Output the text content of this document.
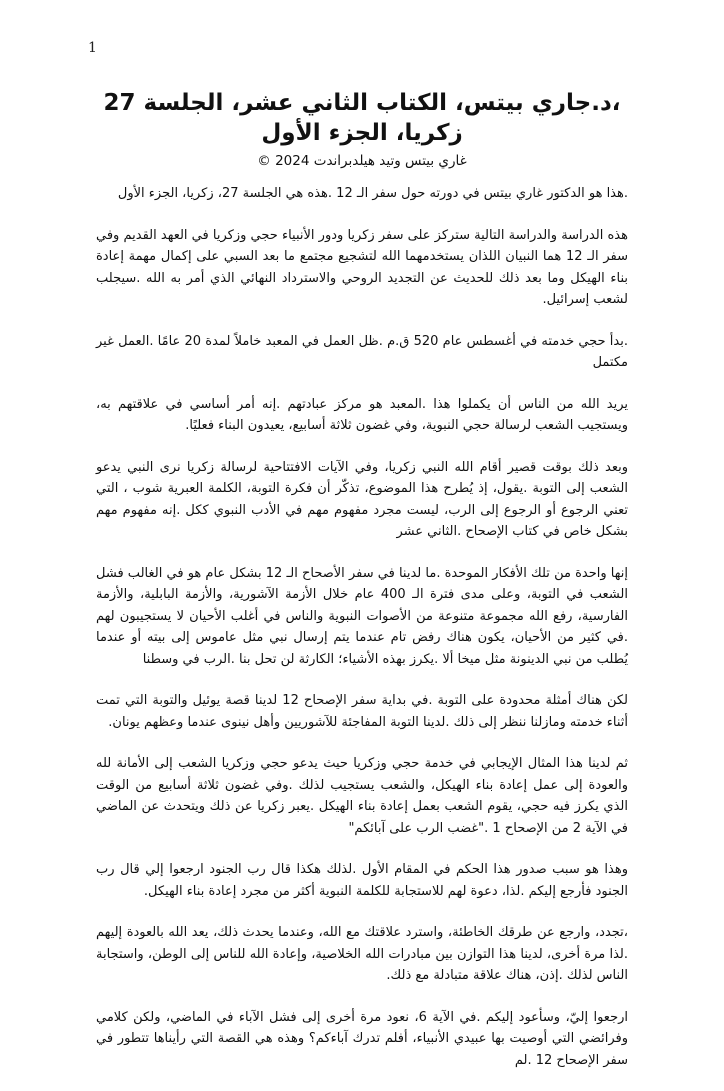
1
،د.جاري بيتس، الكتاب الثاني عشر، الجلسة 27
زكريا، الجزء الأول
غاري بيتس وتيد هيلدبراندت 2024 ©

.هذا هو الدكتور غاري بيتس في دورته حول سفر الـ 12 .هذه هي الجلسة 27، زكريا، الجزء الأول

هذه الدراسة والدراسة التالية ستركز على سفر زكريا ودور الأنبياء حجي وزكريا في العهد القديم وفي سفر الـ 12 هما النبيان اللذان يستخدمهما الله لتشجيع مجتمع ما بعد السبي على إكمال مهمة إعادة بناء الهيكل وما بعد ذلك للحديث عن التجديد الروحي والاسترداد النهائي الذي أمر به الله .سيجلب لشعب إسرائيل.

.بدأ حجي خدمته في أغسطس عام 520 ق.م .ظل العمل في المعبد خاملاً لمدة 20 عامًا .العمل غير مكتمل

يريد الله من الناس أن يكملوا هذا .المعبد هو مركز عبادتهم .إنه أمر أساسي في علاقتهم به، ويستجيب الشعب لرسالة حجي النبوية، وفي غضون ثلاثة أسابيع، يعيدون البناء فعليًا.

وبعد ذلك بوقت قصير أقام الله النبي زكريا، وفي الآيات الافتتاحية لرسالة زكريا نرى النبي يدعو الشعب إلى التوبة .يقول، إذ يُطرح هذا الموضوع، تذكّر أن فكرة التوبة، الكلمة العبرية شوب ، التي تعني الرجوع أو الرجوع إلى الرب، ليست مجرد مفهوم مهم في الأدب النبوي ككل .إنه مفهوم مهم بشكل خاص في كتاب الإصحاح .الثاني عشر

إنها واحدة من تلك الأفكار الموحدة .ما لدينا في سفر الأصحاح الـ 12 بشكل عام هو في الغالب فشل الشعب في التوبة، وعلى مدى فترة الـ 400 عام خلال الأزمة الآشورية، والأزمة البابلية، والأزمة الفارسية، رفع الله مجموعة متنوعة من الأصوات النبوية والناس في أغلب الأحيان لا يستجيبون لهم .في كثير من الأحيان، يكون هناك رفض تام عندما يتم إرسال نبي مثل عاموس إلى بيته أو عندما يُطلب من نبي الدينونة مثل ميخا ألا .يكرز بهذه الأشياء؛ الكارثة لن تحل بنا .الرب في وسطنا

لكن هناك أمثلة محدودة على التوبة .في بداية سفر الإصحاح 12 لدينا قصة يوئيل والتوبة التي تمت أثناء خدمته ومازلنا ننظر إلى ذلك .لدينا التوبة المفاجئة للآشوريين وأهل نينوى عندما وعظهم يونان.

ثم لدينا هذا المثال الإيجابي في خدمة حجي وزكريا حيث يدعو حجي وزكريا الشعب إلى الأمانة لله والعودة إلى عمل إعادة بناء الهيكل، والشعب يستجيب لذلك .وفي غضون ثلاثة أسابيع من الوقت الذي يكرز فيه حجي، يقوم الشعب بعمل إعادة بناء الهيكل .يعبر زكريا عن ذلك ويتحدث عن الماضي في الآية 2 من الإصحاح 1 ."غضب الرب على آبائكم"

وهذا هو سبب صدور هذا الحكم في المقام الأول .لذلك هكذا قال رب الجنود ارجعوا إلي قال رب الجنود فأرجع إليكم .لذا، دعوة لهم للاستجابة للكلمة النبوية أكثر من مجرد إعادة بناء الهيكل.

،تجدد، وارجع عن طرقك الخاطئة، واسترد علاقتك مع الله، وعندما يحدث ذلك، يعد الله بالعودة إليهم .لذا مرة أخرى، لدينا هذا التوازن بين مبادرات الله الخلاصية، وإعادة الله للناس إلى الوطن، واستجابة الناس لذلك .إذن، هناك علاقة متبادلة مع ذلك.

ارجعوا إليّ، وسأعود إليكم .في الآية 6، نعود مرة أخرى إلى فشل الآباء في الماضي، ولكن كلامي وفرائضي التي أوصيت بها عبيدي الأنبياء، أفلم تدرك آباءكم؟ وهذه هي القصة التي رأيناها تتطور في سفر الإصحاح 12 .لم
